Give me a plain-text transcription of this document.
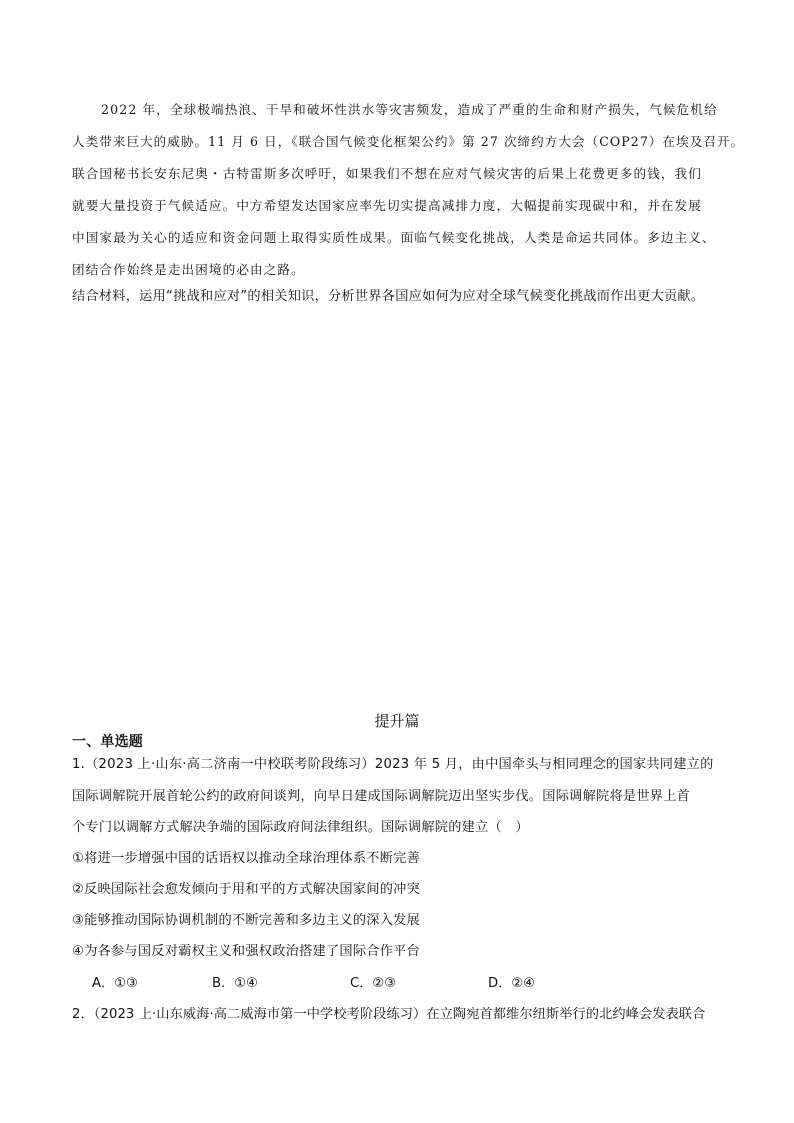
2022 年，全球极端热浪、干旱和破坏性洪水等灾害频发，造成了严重的生命和财产损失，气候危机给
人类带来巨大的威胁。11 月 6 日，《联合国气候变化框架公约》第 27 次缔约方大会（COP27）在埃及召开。
联合国秘书长安东尼奥・古特雷斯多次呼吁，如果我们不想在应对气候灾害的后果上花费更多的钱，我们
就要大量投资于气候适应。中方希望发达国家应率先切实提高减排力度，大幅提前实现碳中和，并在发展
中国家最为关心的适应和资金问题上取得实质性成果。面临气候变化挑战，人类是命运共同体。多边主义、
团结合作始终是走出困境的必由之路。
结合材料，运用“挑战和应对”的相关知识，分析世界各国应如何为应对全球气候变化挑战而作出更大贡献。
提升篇
一、单选题
1.（2023 上·山东·高二济南一中校联考阶段练习）2023 年 5 月，由中国牵头与相同理念的国家共同建立的
国际调解院开展首轮公约的政府间谈判，向早日建成国际调解院迈出坚实步伐。国际调解院将是世界上首
个专门以调解方式解决争端的国际政府间法律组织。国际调解院的建立（　）
①将进一步增强中国的话语权以推动全球治理体系不断完善
②反映国际社会愈发倾向于用和平的方式解决国家间的冲突
③能够推动国际协调机制的不断完善和多边主义的深入发展
④为各参与国反对霸权主义和强权政治搭建了国际合作平台
A．①③	B．①④	C．②③	D．②④
2．（2023 上·山东威海·高二威海市第一中学校考阶段练习）在立陶宛首都维尔纽斯举行的北约峰会发表联合
